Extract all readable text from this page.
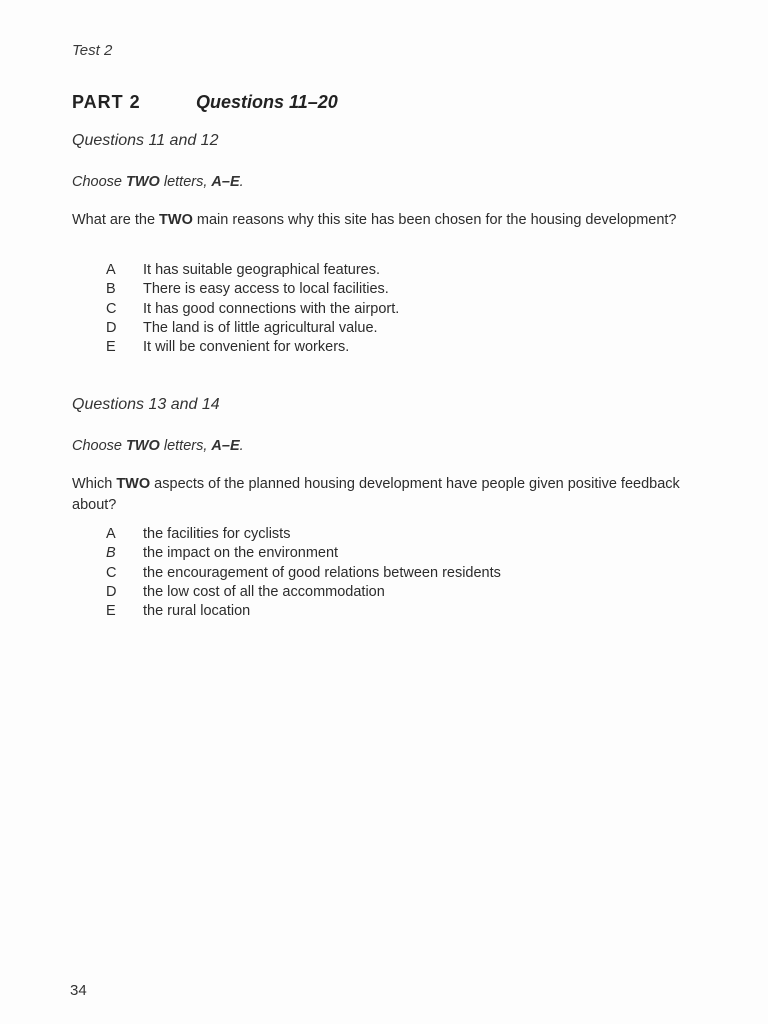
Test 2
PART 2	Questions 11–20

Questions 11 and 12

Choose TWO letters, A–E.

What are the TWO main reasons why this site has been chosen for the housing development?

A	It has suitable geographical features.
B	There is easy access to local facilities.
C	It has good connections with the airport.
D	The land is of little agricultural value.
E	It will be convenient for workers.

Questions 13 and 14

Choose TWO letters, A–E.

Which TWO aspects of the planned housing development have people given positive feedback about?

A	the facilities for cyclists
B	the impact on the environment
C	the encouragement of good relations between residents
D	the low cost of all the accommodation
E	the rural location
34
